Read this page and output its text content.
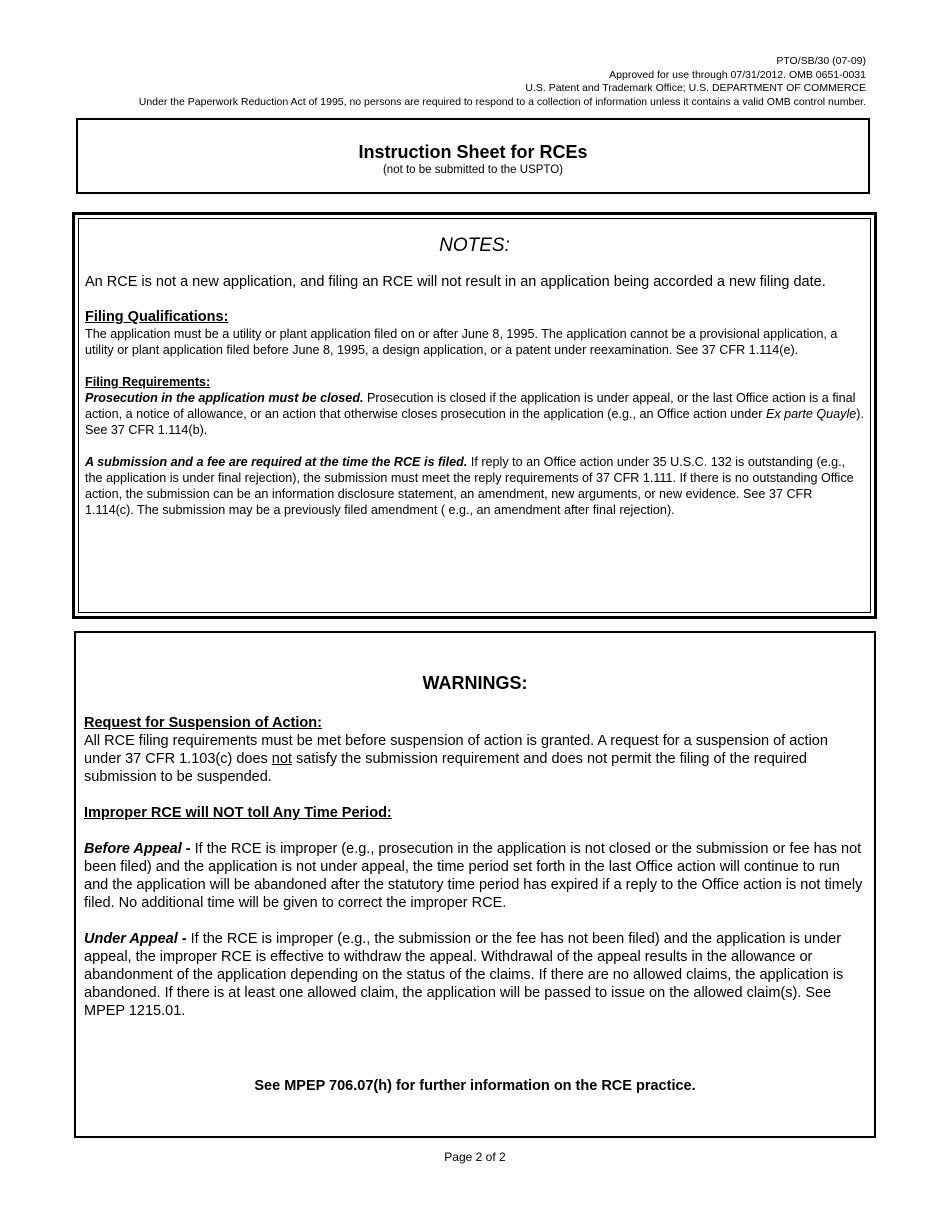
PTO/SB/30 (07-09)
Approved for use through 07/31/2012. OMB 0651-0031
U.S. Patent and Trademark Office; U.S. DEPARTMENT OF COMMERCE
Under the Paperwork Reduction Act of 1995, no persons are required to respond to a collection of information unless it contains a valid OMB control number.
Instruction Sheet for RCEs
(not to be submitted to the USPTO)
NOTES:

An RCE is not a new application, and filing an RCE will not result in an application being accorded a new filing date.

Filing Qualifications:

The application must be a utility or plant application filed on or after June 8, 1995. The application cannot be a provisional application, a utility or plant application filed before June 8, 1995, a design application, or a patent under reexamination. See 37 CFR 1.114(e).

Filing Requirements:

Prosecution in the application must be closed. Prosecution is closed if the application is under appeal, or the last Office action is a final action, a notice of allowance, or an action that otherwise closes prosecution in the application (e.g., an Office action under Ex parte Quayle). See 37 CFR 1.114(b).

A submission and a fee are required at the time the RCE is filed. If reply to an Office action under 35 U.S.C. 132 is outstanding (e.g., the application is under final rejection), the submission must meet the reply requirements of 37 CFR 1.111. If there is no outstanding Office action, the submission can be an information disclosure statement, an amendment, new arguments, or new evidence. See 37 CFR 1.114(c). The submission may be a previously filed amendment ( e.g., an amendment after final rejection).

WARNINGS:

Request for Suspension of Action:

All RCE filing requirements must be met before suspension of action is granted. A request for a suspension of action under 37 CFR 1.103(c) does not satisfy the submission requirement and does not permit the filing of the required submission to be suspended.

Improper RCE will NOT toll Any Time Period:

Before Appeal - If the RCE is improper (e.g., prosecution in the application is not closed or the submission or fee has not been filed) and the application is not under appeal, the time period set forth in the last Office action will continue to run and the application will be abandoned after the statutory time period has expired if a reply to the Office action is not timely filed. No additional time will be given to correct the improper RCE.

Under Appeal - If the RCE is improper (e.g., the submission or the fee has not been filed) and the application is under appeal, the improper RCE is effective to withdraw the appeal. Withdrawal of the appeal results in the allowance or abandonment of the application depending on the status of the claims. If there are no allowed claims, the application is abandoned. If there is at least one allowed claim, the application will be passed to issue on the allowed claim(s). See MPEP 1215.01.

See MPEP 706.07(h) for further information on the RCE practice.
Page 2 of 2
